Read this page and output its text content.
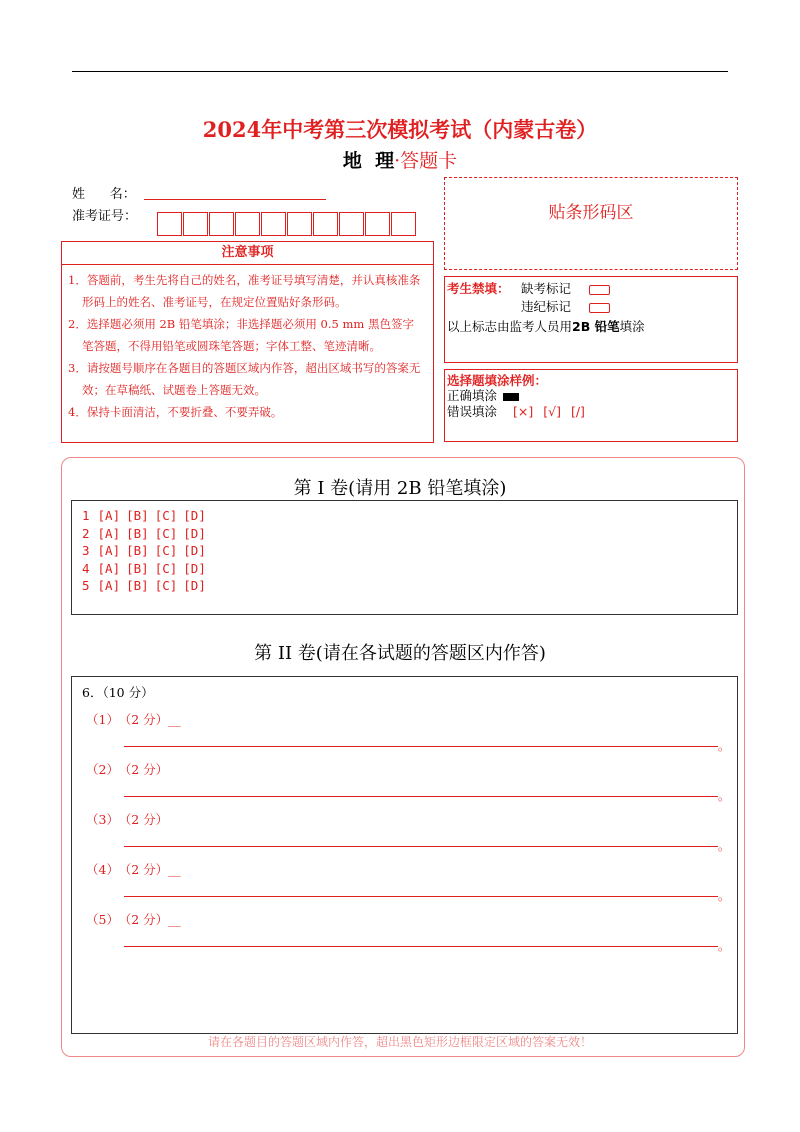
2024年中考第三次模拟考试（内蒙古卷）
地  理·答题卡
姓      名：
准考证号：	贴条形码区
注意事项
1．答题前，考生先将自己的姓名，准考证号填写清楚，并认真核准条形码上的姓名、准考证号，在规定位置贴好条形码。
2．选择题必须用 2B 铅笔填涂；非选择题必须用 0.5 mm 黑色签字笔答题，不得用铅笔或圆珠笔答题；字体工整、笔迹清晰。
3．请按题号顺序在各题目的答题区域内作答，超出区域书写的答案无效；在草稿纸、试题卷上答题无效。
4．保持卡面清洁，不要折叠、不要弄破。
考生禁填： 缺考标记
违纪标记
以上标志由监考人员用2B 铅笔填涂
选择题填涂样例：
正确填涂
错误填涂 [×] [√] [/]
第 I 卷(请用 2B 铅笔填涂)
1 [A] [B] [C] [D]
2 [A] [B] [C] [D]
3 [A] [B] [C] [D]
4 [A] [B] [C] [D]
5 [A] [B] [C] [D]
第 II 卷(请在各试题的答题区内作答)
6．（10 分）
（1） （2 分）__
。
（2） （2 分）
。
（3） （2 分）
。
（4） （2 分）__
。
（5） （2 分）__
。
请在各题目的答题区域内作答，超出黑色矩形边框限定区域的答案无效！
